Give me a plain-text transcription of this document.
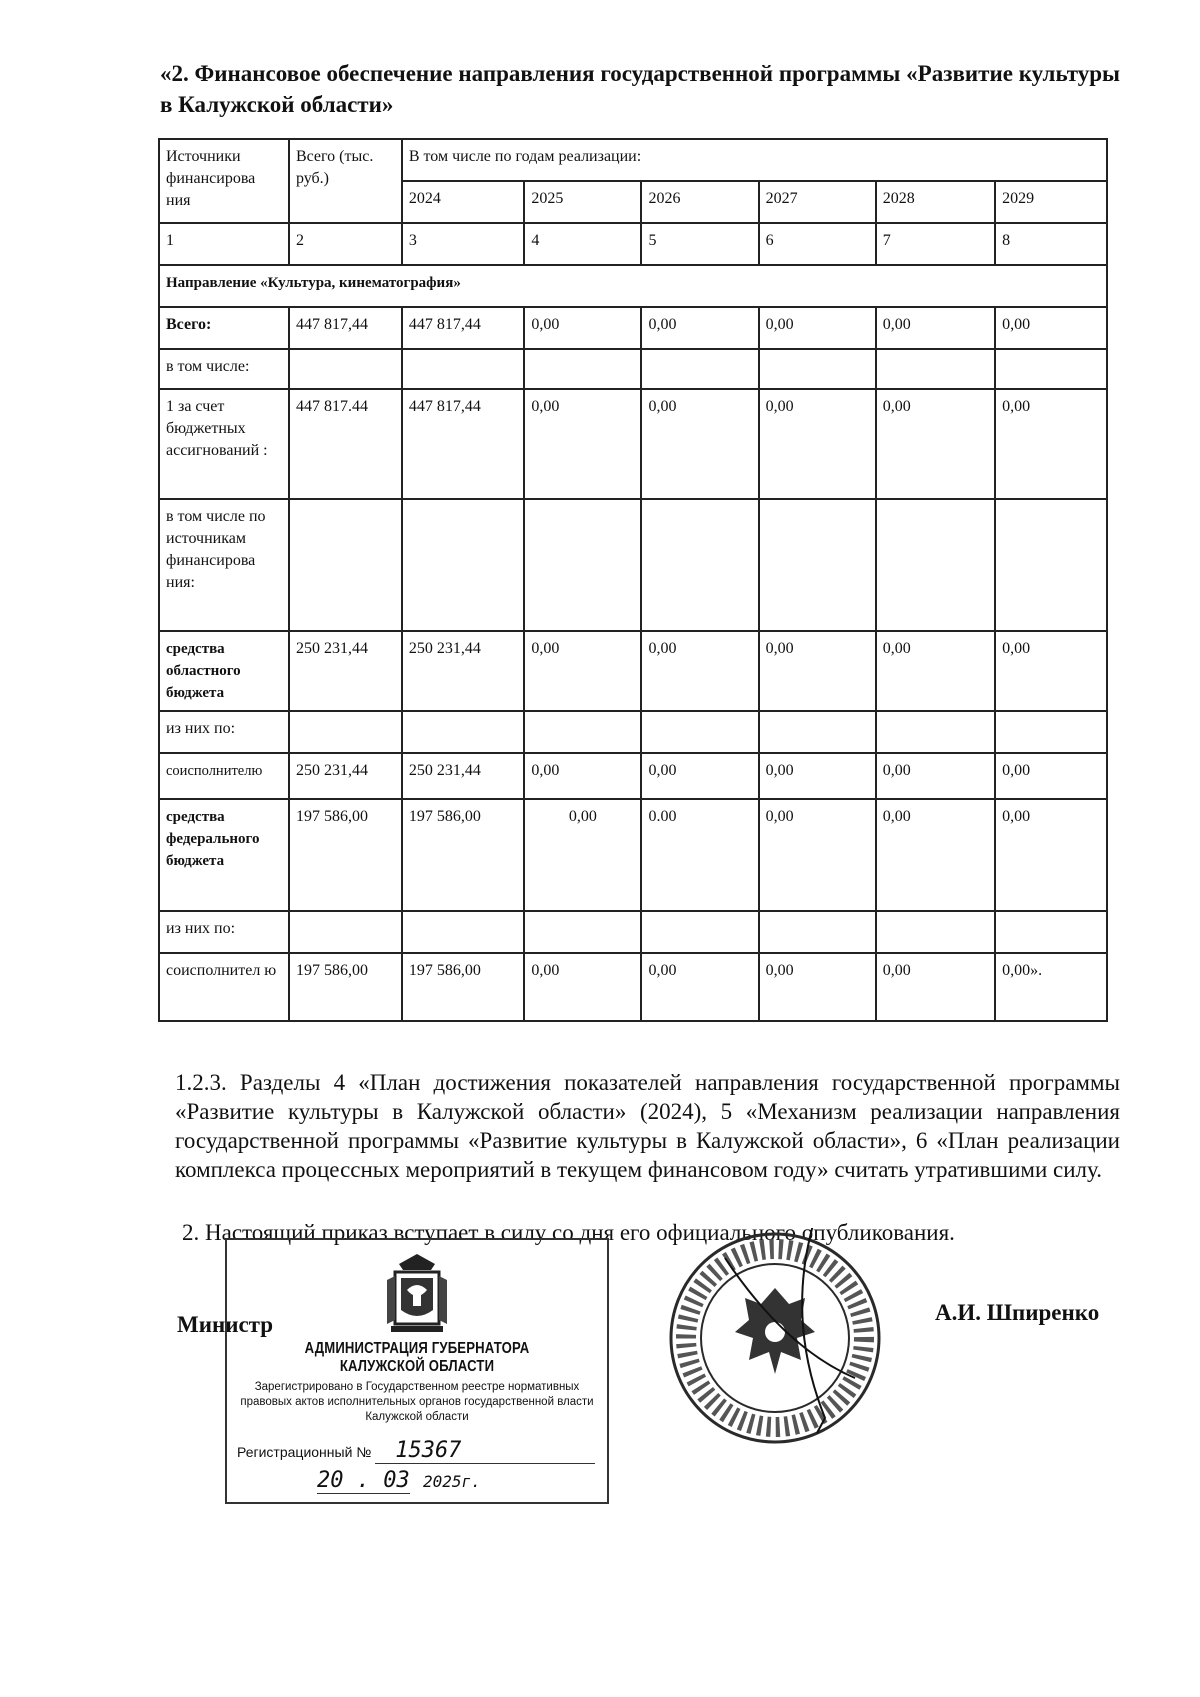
«2. Финансовое обеспечение направления государственной программы «Развитие культуры в Калужской области»
Источники финансирова ния	Всего (тыс. руб.)	В том числе по годам реализации:					
		2024	2025	2026	2027	2028	2029
1	2	3	4	5	6	7	8
Направление «Культура, кинематография»							
Всего:	447 817,44	447 817,44	0,00	0,00	0,00	0,00	0,00
в том числе:							
1 за счет бюджетных ассигнований :	447 817.44	447 817,44	0,00	0,00	0,00	0,00	0,00
в том числе по источникам финансирова ния:							
средства областного бюджета	250 231,44	250 231,44	0,00	0,00	0,00	0,00	0,00
из них по:							
соисполнителю	250 231,44	250 231,44	0,00	0,00	0,00	0,00	0,00
средства федерального бюджета	197 586,00	197 586,00	0,00	0.00	0,00	0,00	0,00
из них по:							
соисполнител ю	197 586,00	197 586,00	0,00	0,00	0,00	0,00	0,00».
1.2.3. Разделы 4 «План достижения показателей направления государственной программы «Развитие культуры в Калужской области» (2024), 5 «Механизм реализации направления государственной программы «Развитие культуры в Калужской области», 6 «План реализации комплекса процессных мероприятий в текущем финансовом году» считать утратившими силу.
2. Настоящий приказ вступает в силу со дня его официального опубликования.
Министр	А.И. Шпиренко
АДМИНИСТРАЦИЯ ГУБЕРНАТОРА КАЛУЖСКОЙ ОБЛАСТИ
Зарегистрировано в Государственном реестре нормативных правовых актов исполнительных органов государственной власти Калужской области
Регистрационный № 15367
20 . 03 2025г.
